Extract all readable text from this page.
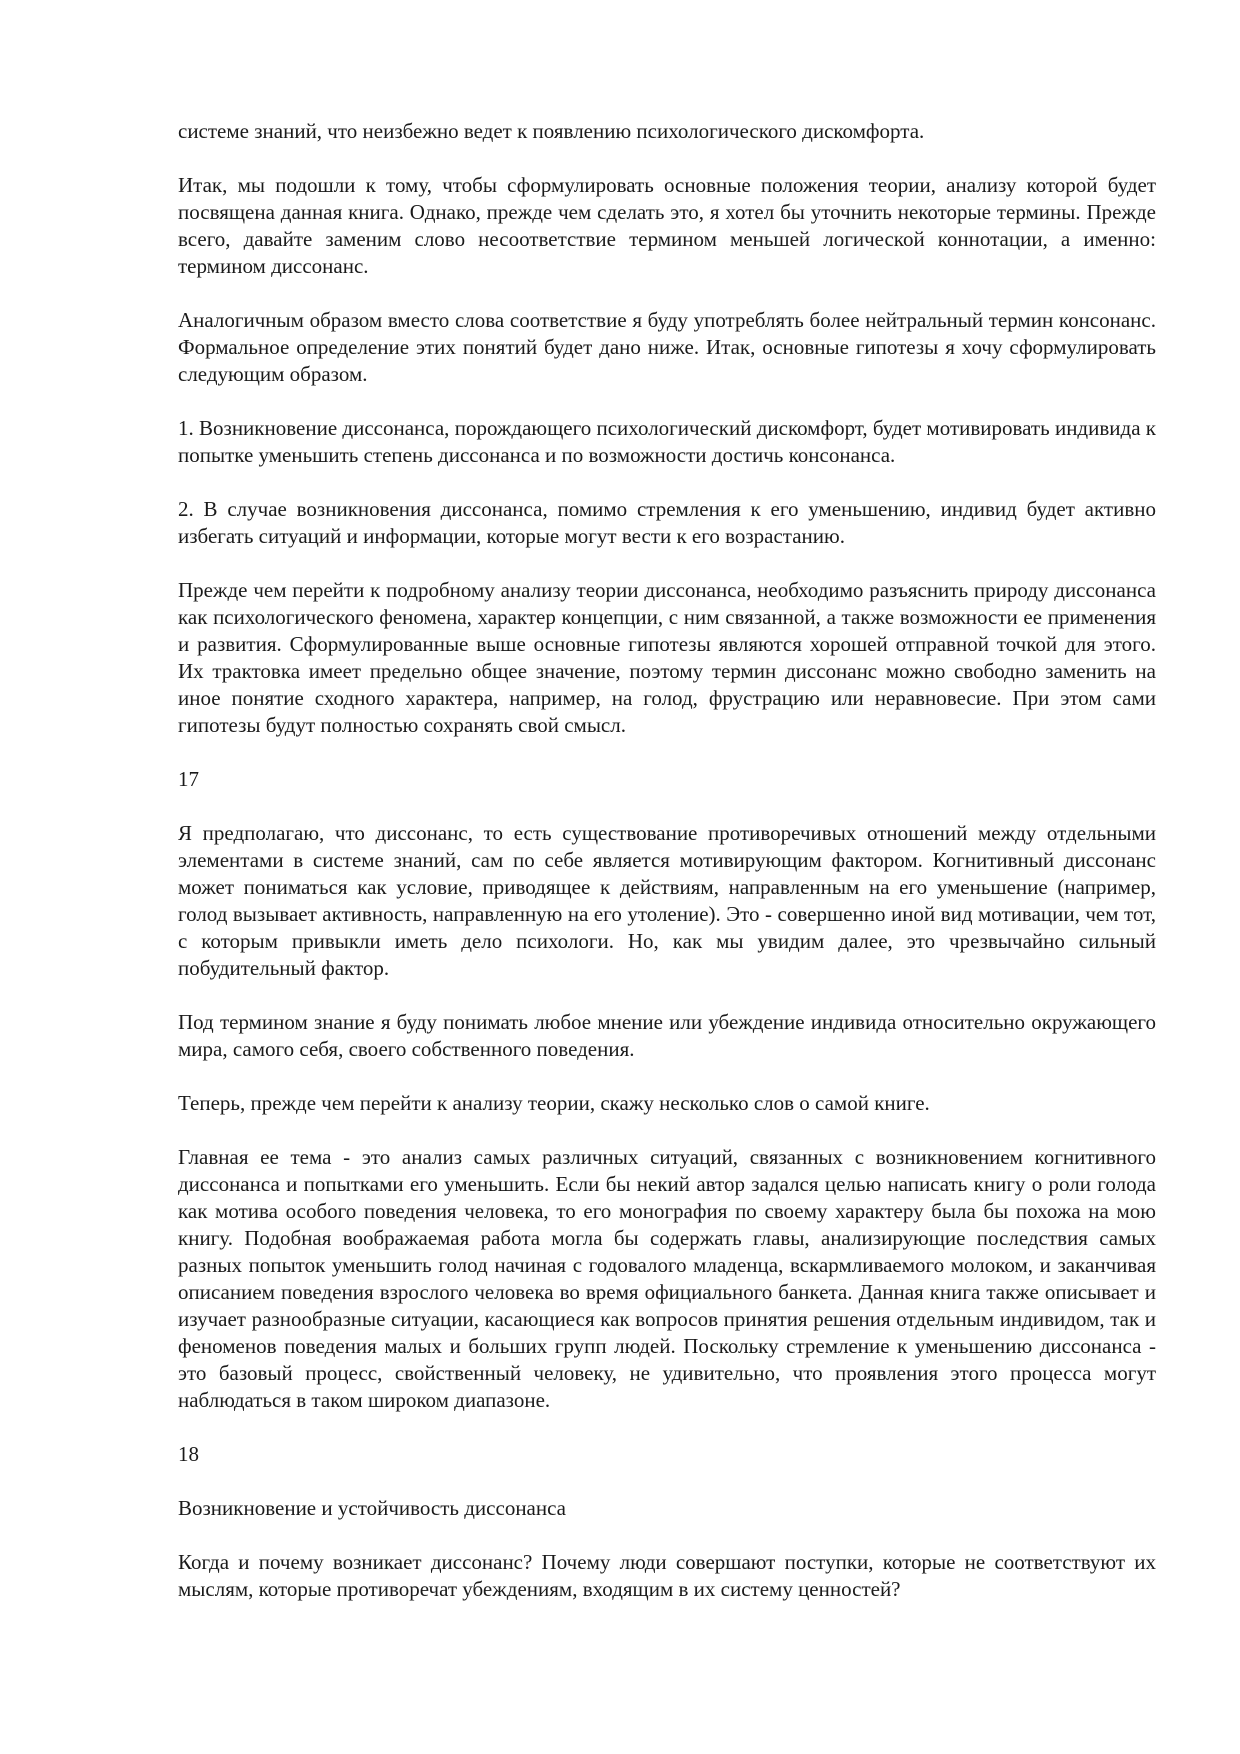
системе знаний, что неизбежно ведет к появлению психологического дискомфорта.

Итак, мы подошли к тому, чтобы сформулировать основные положения теории, анализу которой будет посвящена данная книга. Однако, прежде чем сделать это, я хотел бы уточнить некоторые термины. Прежде всего, давайте заменим слово несоответствие термином меньшей логической коннотации, а именно: термином диссонанс.

Аналогичным образом вместо слова соответствие я буду употреблять более нейтральный термин консонанс. Формальное определение этих понятий будет дано ниже. Итак, основные гипотезы я хочу сформулировать следующим образом.

1. Возникновение диссонанса, порождающего психологический дискомфорт, будет мотивировать индивида к попытке уменьшить степень диссонанса и по возможности достичь консонанса.

2. В случае возникновения диссонанса, помимо стремления к его уменьшению, индивид будет активно избегать ситуаций и информации, которые могут вести к его возрастанию.

Прежде чем перейти к подробному анализу теории диссонанса, необходимо разъяснить природу диссонанса как психологического феномена, характер концепции, с ним связанной, а также возможности ее применения и развития. Сформулированные выше основные гипотезы являются хорошей отправной точкой для этого. Их трактовка имеет предельно общее значение, поэтому термин диссонанс можно свободно заменить на иное понятие сходного характера, например, на голод, фрустрацию или неравновесие. При этом сами гипотезы будут полностью сохранять свой смысл.

17

Я предполагаю, что диссонанс, то есть существование противоречивых отношений между отдельными элементами в системе знаний, сам по себе является мотивирующим фактором. Когнитивный диссонанс может пониматься как условие, приводящее к действиям, направленным на его уменьшение (например, голод вызывает активность, направленную на его утоление). Это - совершенно иной вид мотивации, чем тот, с которым привыкли иметь дело психологи. Но, как мы увидим далее, это чрезвычайно сильный побудительный фактор.

Под термином знание я буду понимать любое мнение или убеждение индивида относительно окружающего мира, самого себя, своего собственного поведения.

Теперь, прежде чем перейти к анализу теории, скажу несколько слов о самой книге.

Главная ее тема - это анализ самых различных ситуаций, связанных с возникновением когнитивного диссонанса и попытками его уменьшить. Если бы некий автор задался целью написать книгу о роли голода как мотива особого поведения человека, то его монография по своему характеру была бы похожа на мою книгу. Подобная воображаемая работа могла бы содержать главы, анализирующие последствия самых разных попыток уменьшить голод начиная с годовалого младенца, вскармливаемого молоком, и заканчивая описанием поведения взрослого человека во время официального банкета. Данная книга также описывает и изучает разнообразные ситуации, касающиеся как вопросов принятия решения отдельным индивидом, так и феноменов поведения малых и больших групп людей. Поскольку стремление к уменьшению диссонанса - это базовый процесс, свойственный человеку, не удивительно, что проявления этого процесса могут наблюдаться в таком широком диапазоне.

18

Возникновение и устойчивость диссонанса

Когда и почему возникает диссонанс? Почему люди совершают поступки, которые не соответствуют их мыслям, которые противоречат убеждениям, входящим в их систему ценностей?
